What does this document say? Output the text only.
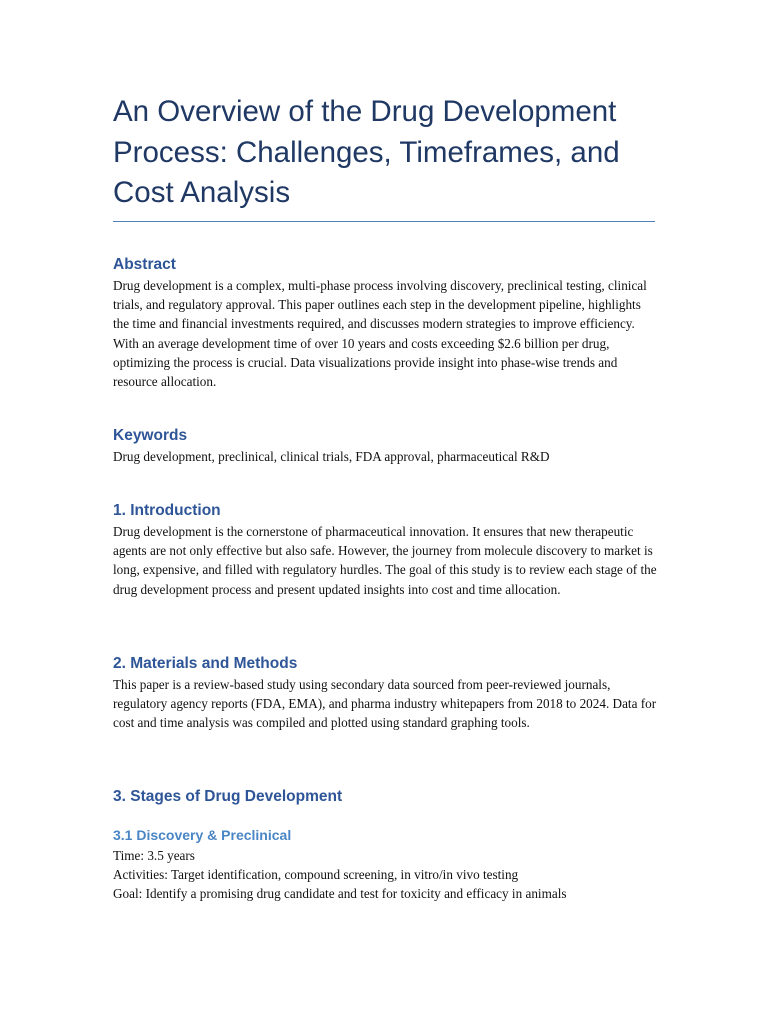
An Overview of the Drug Development Process: Challenges, Timeframes, and Cost Analysis
Abstract

Drug development is a complex, multi-phase process involving discovery, preclinical testing, clinical trials, and regulatory approval. This paper outlines each step in the development pipeline, highlights the time and financial investments required, and discusses modern strategies to improve efficiency. With an average development time of over 10 years and costs exceeding $2.6 billion per drug, optimizing the process is crucial. Data visualizations provide insight into phase-wise trends and resource allocation.

Keywords

Drug development, preclinical, clinical trials, FDA approval, pharmaceutical R&D

1. Introduction

Drug development is the cornerstone of pharmaceutical innovation. It ensures that new therapeutic agents are not only effective but also safe. However, the journey from molecule discovery to market is long, expensive, and filled with regulatory hurdles. The goal of this study is to review each stage of the drug development process and present updated insights into cost and time allocation.

2. Materials and Methods

This paper is a review-based study using secondary data sourced from peer-reviewed journals, regulatory agency reports (FDA, EMA), and pharma industry whitepapers from 2018 to 2024. Data for cost and time analysis was compiled and plotted using standard graphing tools.

3. Stages of Drug Development
3.1 Discovery & Preclinical

Time: 3.5 years

Activities: Target identification, compound screening, in vitro/in vivo testing

Goal: Identify a promising drug candidate and test for toxicity and efficacy in animals
